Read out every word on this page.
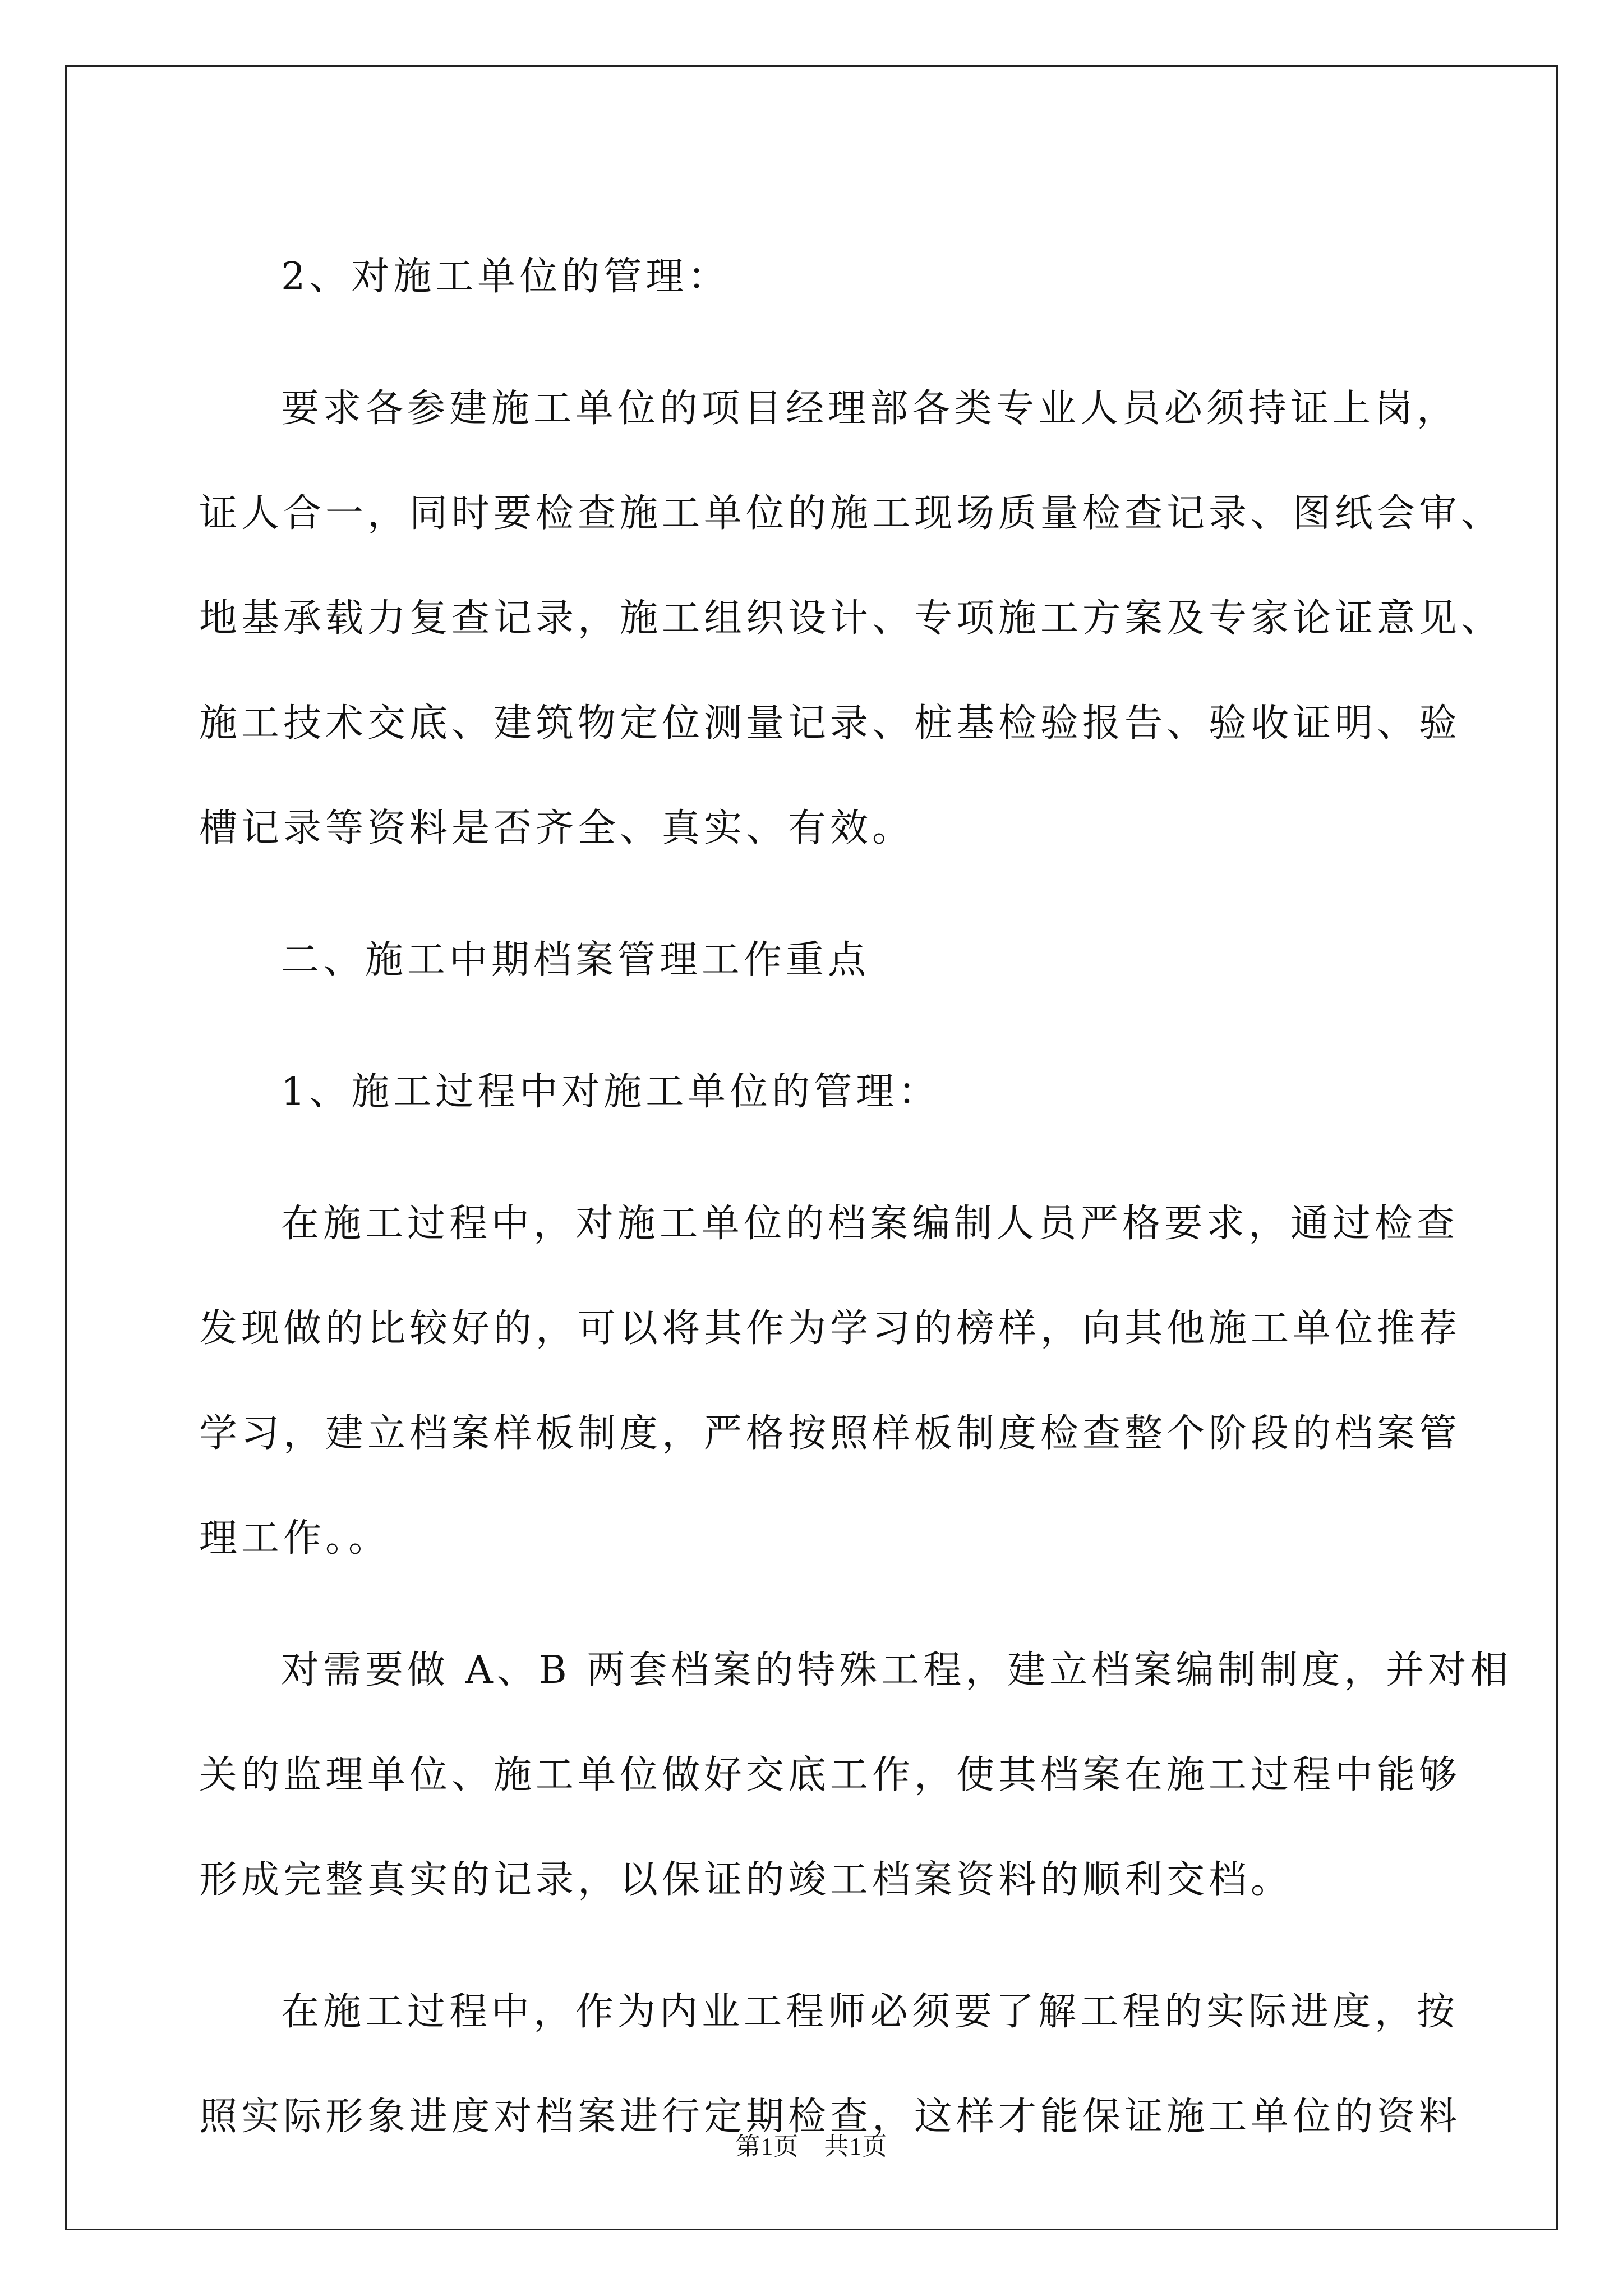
2、对施工单位的管理：

要求各参建施工单位的项目经理部各类专业人员必须持证上岗，
证人合一，同时要检查施工单位的施工现场质量检查记录、图纸会审、
地基承载力复查记录，施工组织设计、专项施工方案及专家论证意见、
施工技术交底、建筑物定位测量记录、桩基检验报告、验收证明、验
槽记录等资料是否齐全、真实、有效。

二、施工中期档案管理工作重点

1、施工过程中对施工单位的管理：

在施工过程中，对施工单位的档案编制人员严格要求，通过检查
发现做的比较好的，可以将其作为学习的榜样，向其他施工单位推荐
学习，建立档案样板制度，严格按照样板制度检查整个阶段的档案管
理工作。。

对需要做 A、B 两套档案的特殊工程，建立档案编制制度，并对相
关的监理单位、施工单位做好交底工作，使其档案在施工过程中能够
形成完整真实的记录，以保证的竣工档案资料的顺利交档。

在施工过程中，作为内业工程师必须要了解工程的实际进度，按
照实际形象进度对档案进行定期检查，这样才能保证施工单位的资料

第1页　共1页
